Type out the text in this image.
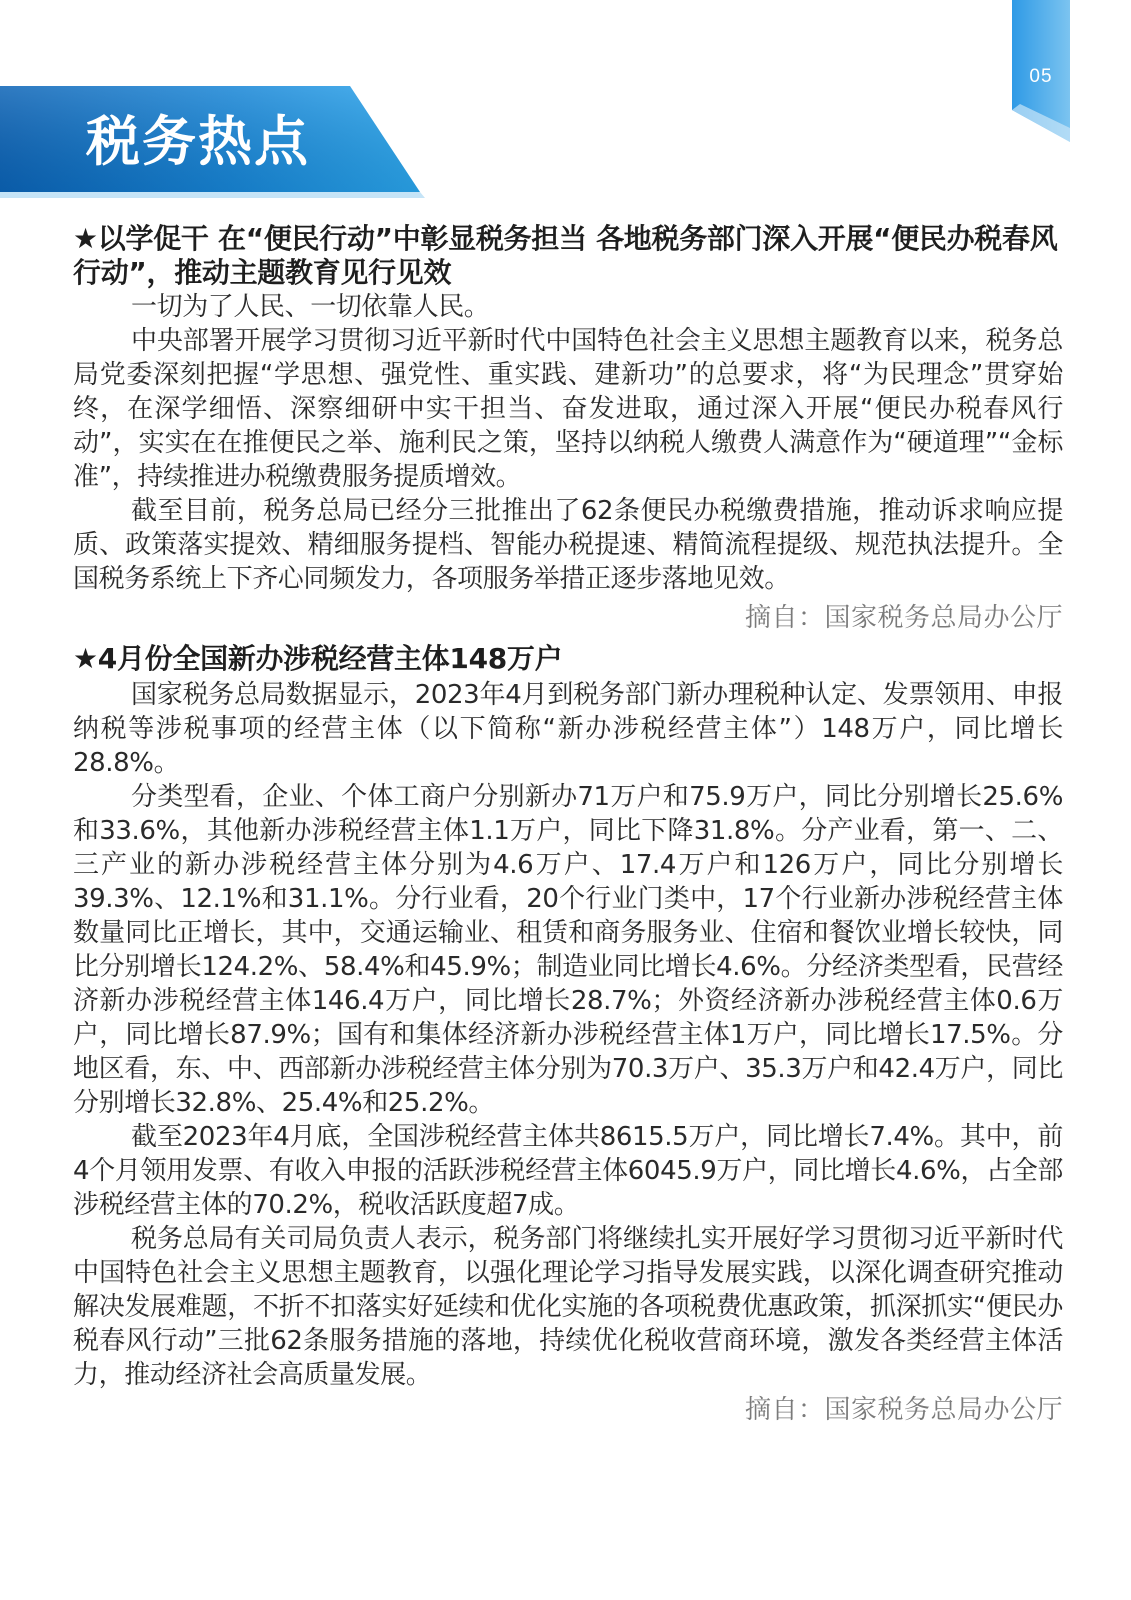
05
税务热点
★以学促干 在“便民行动”中彰显税务担当 各地税务部门深入开展“便民办税春风行动”，推动主题教育见行见效

一切为了人民、一切依靠人民。

中央部署开展学习贯彻习近平新时代中国特色社会主义思想主题教育以来，税务总局党委深刻把握“学思想、强党性、重实践、建新功”的总要求，将“为民理念”贯穿始终，在深学细悟、深察细研中实干担当、奋发进取，通过深入开展“便民办税春风行动”，实实在在推便民之举、施利民之策，坚持以纳税人缴费人满意作为“硬道理”“金标准”，持续推进办税缴费服务提质增效。

截至目前，税务总局已经分三批推出了62条便民办税缴费措施，推动诉求响应提质、政策落实提效、精细服务提档、智能办税提速、精简流程提级、规范执法提升。全国税务系统上下齐心同频发力，各项服务举措正逐步落地见效。

摘自：国家税务总局办公厅

★4月份全国新办涉税经营主体148万户

国家税务总局数据显示，2023年4月到税务部门新办理税种认定、发票领用、申报纳税等涉税事项的经营主体（以下简称“新办涉税经营主体”）148万户，同比增长28.8%。

分类型看，企业、个体工商户分别新办71万户和75.9万户，同比分别增长25.6%和33.6%，其他新办涉税经营主体1.1万户，同比下降31.8%。分产业看，第一、二、三产业的新办涉税经营主体分别为4.6万户、17.4万户和126万户，同比分别增长39.3%、12.1%和31.1%。分行业看，20个行业门类中，17个行业新办涉税经营主体数量同比正增长，其中，交通运输业、租赁和商务服务业、住宿和餐饮业增长较快，同比分别增长124.2%、58.4%和45.9%；制造业同比增长4.6%。分经济类型看，民营经济新办涉税经营主体146.4万户，同比增长28.7%；外资经济新办涉税经营主体0.6万户，同比增长87.9%；国有和集体经济新办涉税经营主体1万户，同比增长17.5%。分地区看，东、中、西部新办涉税经营主体分别为70.3万户、35.3万户和42.4万户，同比分别增长32.8%、25.4%和25.2%。

截至2023年4月底，全国涉税经营主体共8615.5万户，同比增长7.4%。其中，前4个月领用发票、有收入申报的活跃涉税经营主体6045.9万户，同比增长4.6%，占全部涉税经营主体的70.2%，税收活跃度超7成。

税务总局有关司局负责人表示，税务部门将继续扎实开展好学习贯彻习近平新时代中国特色社会主义思想主题教育，以强化理论学习指导发展实践，以深化调查研究推动解决发展难题，不折不扣落实好延续和优化实施的各项税费优惠政策，抓深抓实“便民办税春风行动”三批62条服务措施的落地，持续优化税收营商环境，激发各类经营主体活力，推动经济社会高质量发展。

摘自：国家税务总局办公厅
